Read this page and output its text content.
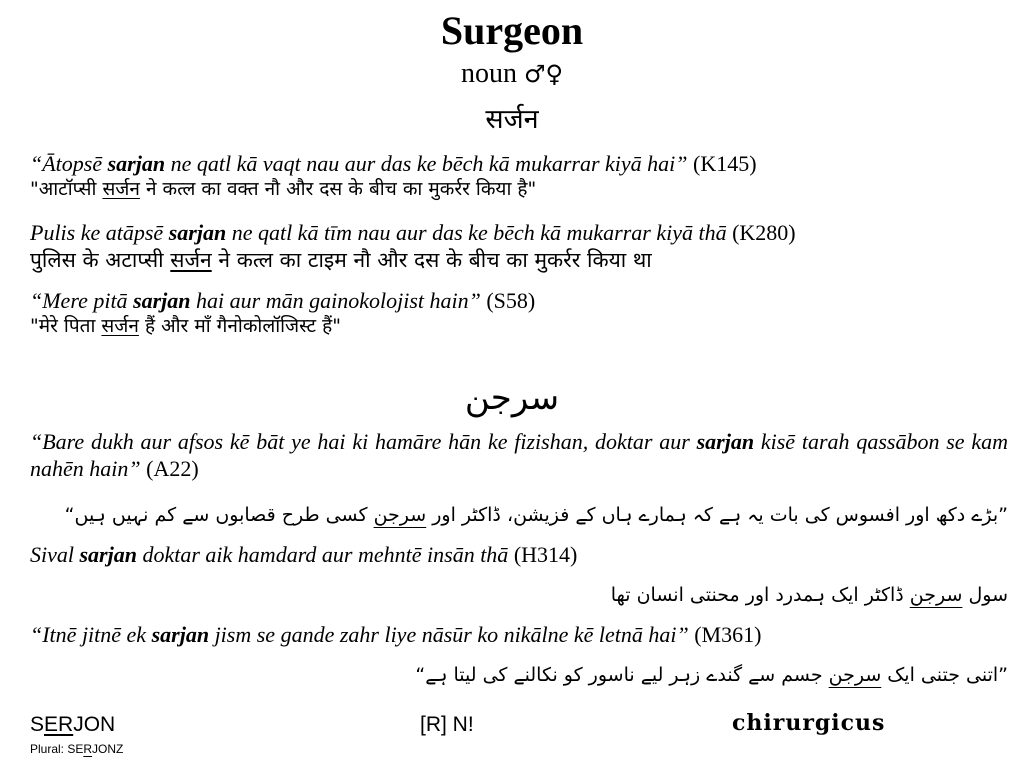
Surgeon
noun ♂♀
सर्जन
“Ātopsē sarjan ne qatl kā vaqt nau aur das ke bēch kā mukarrar kiyā hai” (K145)
"आटॉप्सी सर्जन ने कत्ल का वक्त नौ और दस के बीच का मुकर्रर किया है"
Pulis ke atāpsē sarjan ne qatl kā tīm nau aur das ke bēch kā mukarrar kiyā thā (K280)
पुलिस के अटाप्सी सर्जन ने कत्ल का टाइम नौ और दस के बीच का मुकर्रर किया था
“Mere pitā sarjan hai aur mān gainokolojist hain” (S58)
"मेरे पिता सर्जन हैं और माँ गैनोकोलॉजिस्ट हैं"
سرجن
“Bare dukh aur afsos kē bāt ye hai ki hamāre hān ke fizishan, doktar aur sarjan kisē tarah qassābon se kam nahēn hain” (A22)
”بڑے دکھ اور افسوس کی بات یہ ہے کہ ہمارے ہاں کے فزیشن، ڈاکٹر اور سرجن کسی طرح قصابوں سے کم نہیں ہیں“
Sival sarjan doktar aik hamdard aur mehntē insān thā (H314)
سول سرجن ڈاکٹر ایک ہمدرد اور محنتی انسان تھا
“Itnē jitnē ek sarjan jism se gande zahr liye nāsūr ko nikālne kē letnā hai” (M361)
”اتنی جتنی ایک سرجن جسم سے گندے زہر لیے ناسور کو نکالنے کی لیتا ہے“
SERJON
Plural: SERJONZ
[R] N!	chirurgicus
